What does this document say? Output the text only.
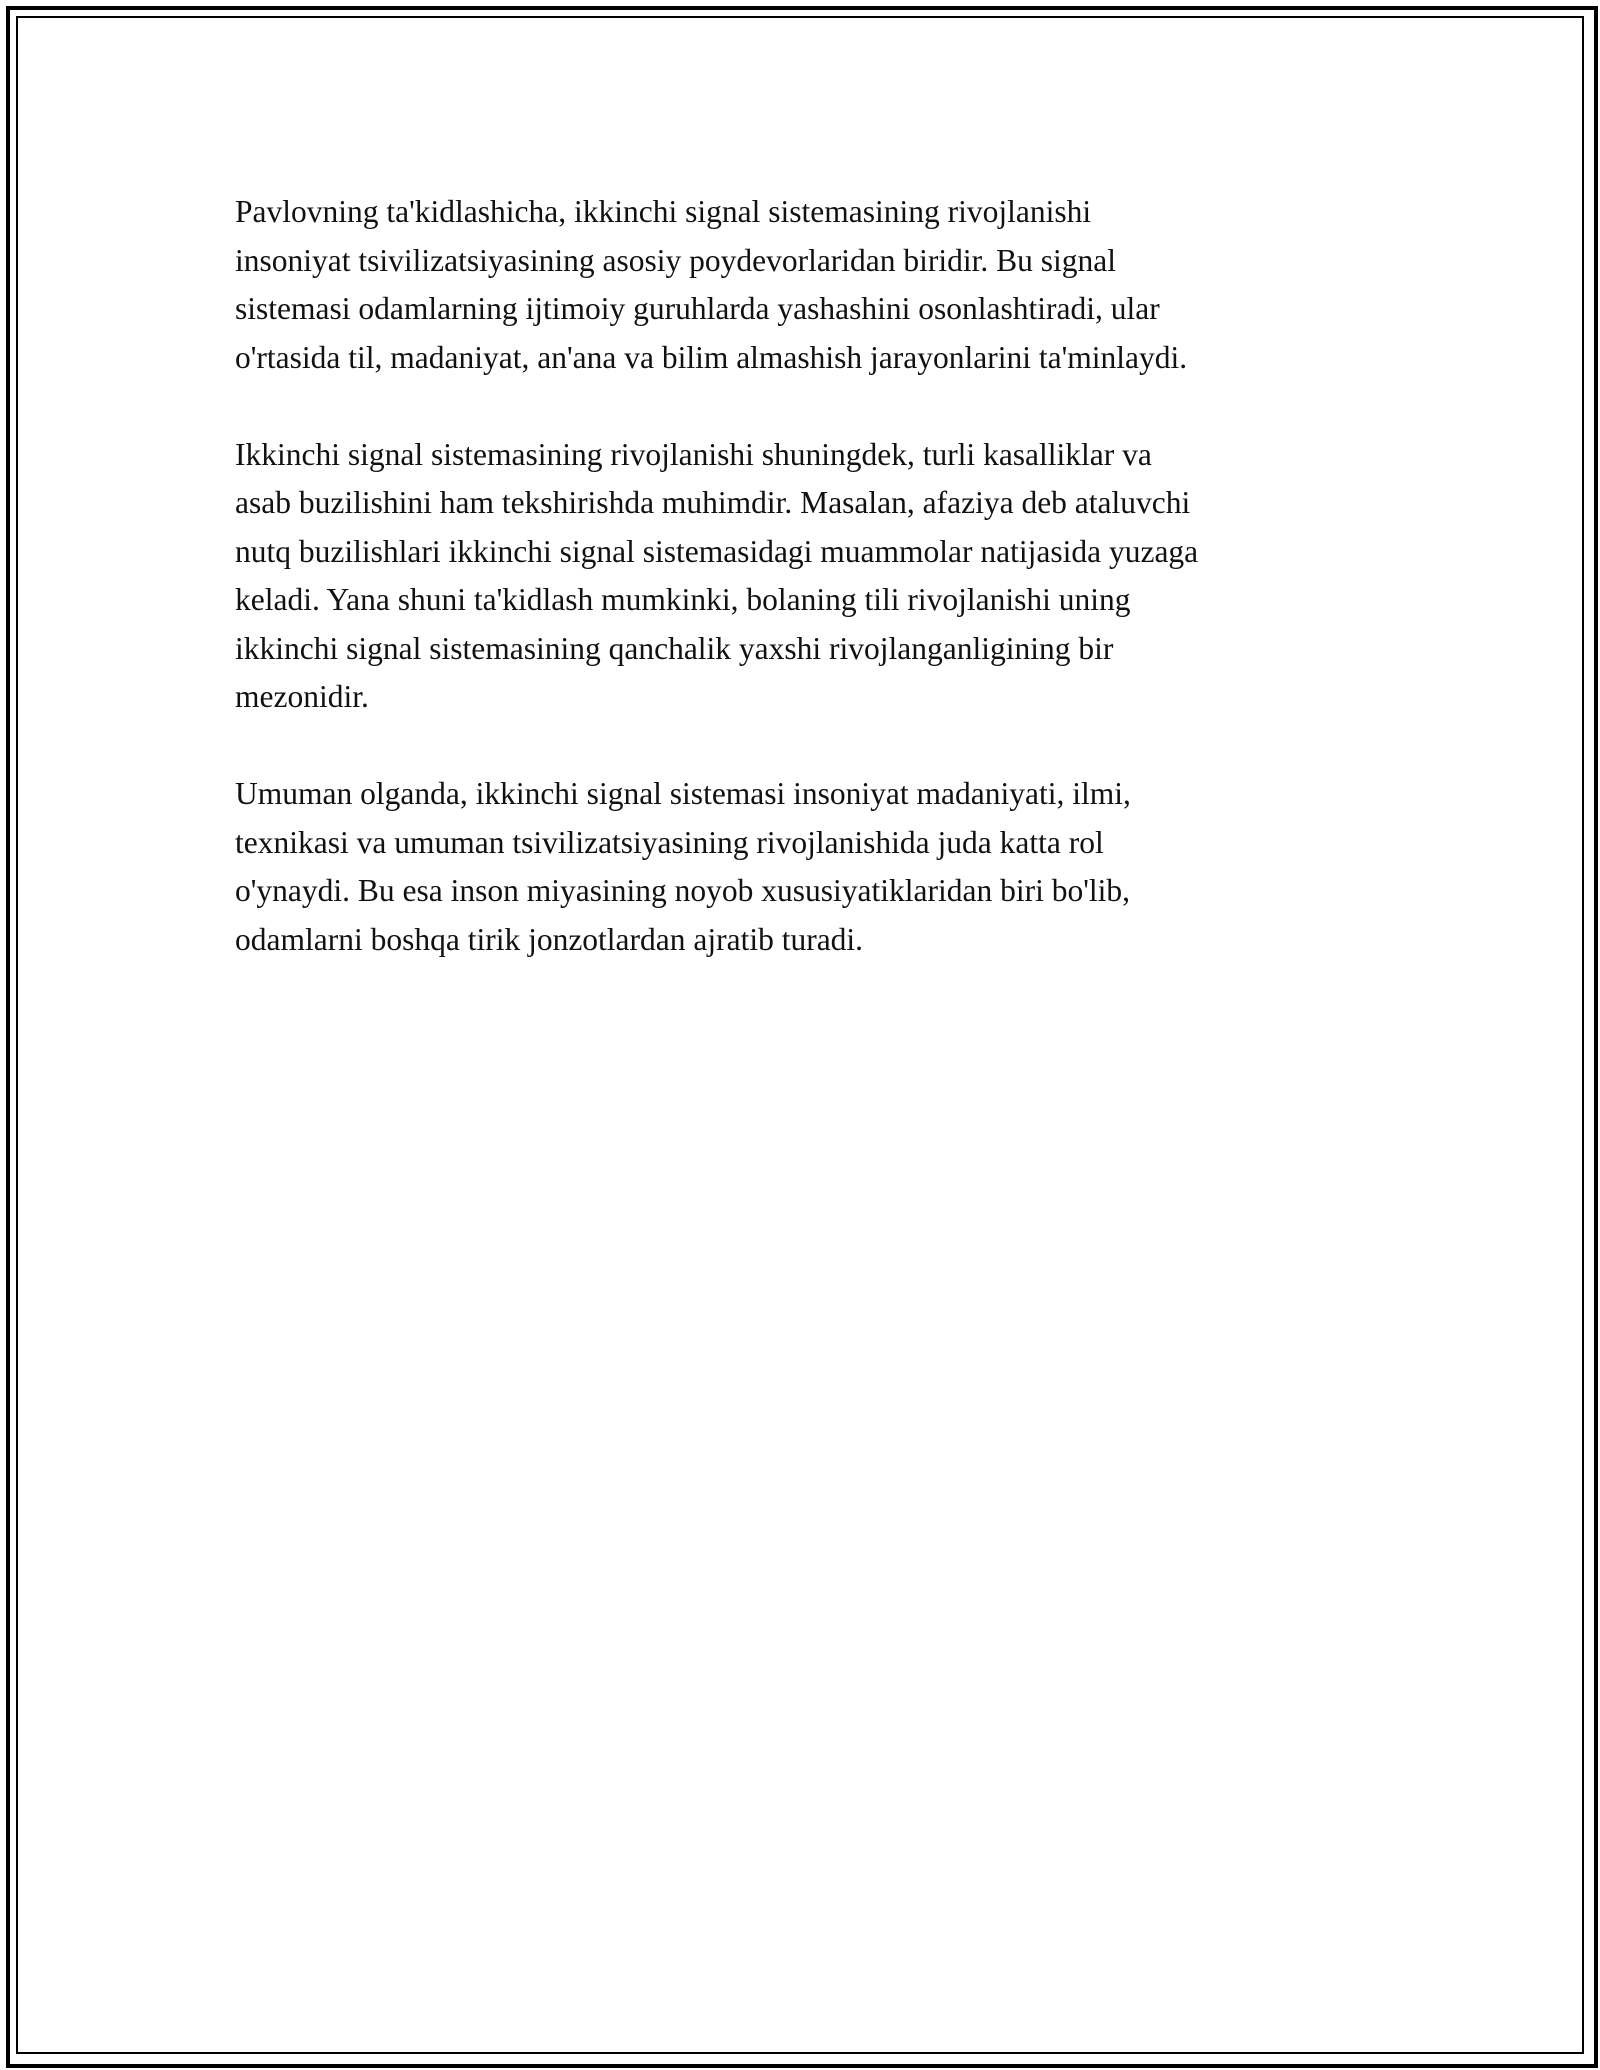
Pavlovning ta'kidlashicha, ikkinchi signal sistemasining rivojlanishi
insoniyat tsivilizatsiyasining asosiy poydevorlaridan biridir. Bu signal
sistemasi odamlarning ijtimoiy guruhlarda yashashini osonlashtiradi, ular
o'rtasida til, madaniyat, an'ana va bilim almashish jarayonlarini ta'minlaydi.

Ikkinchi signal sistemasining rivojlanishi shuningdek, turli kasalliklar va
asab buzilishini ham tekshirishda muhimdir. Masalan, afaziya deb ataluvchi
nutq buzilishlari ikkinchi signal sistemasidagi muammolar natijasida yuzaga
keladi. Yana shuni ta'kidlash mumkinki, bolaning tili rivojlanishi uning
ikkinchi signal sistemasining qanchalik yaxshi rivojlanganligining bir
mezonidir.

Umuman olganda, ikkinchi signal sistemasi insoniyat madaniyati, ilmi,
texnikasi va umuman tsivilizatsiyasining rivojlanishida juda katta rol
o'ynaydi. Bu esa inson miyasining noyob xususiyatiklaridan biri bo'lib,
odamlarni boshqa tirik jonzotlardan ajratib turadi.
